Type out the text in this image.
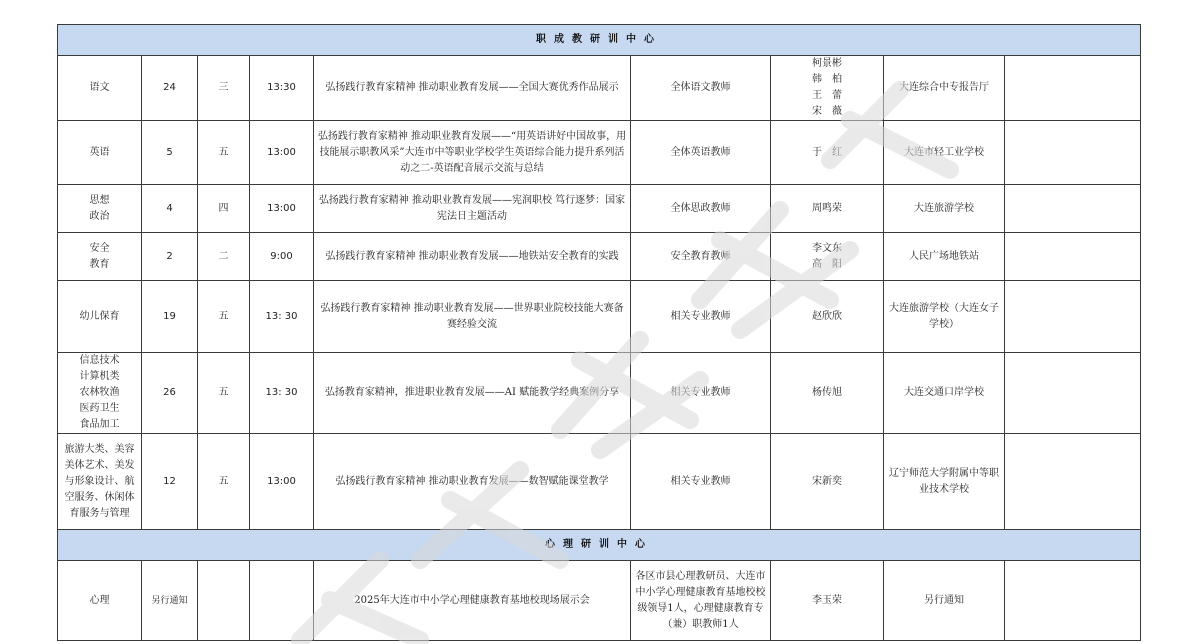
职成教研训中心								
语文	24	三	13:30	弘扬践行教育家精神 推动职业教育发展——全国大赛优秀作品展示	全体语文教师	柯景彬
韩　柏
王　蕾
宋　薇	大连综合中专报告厅	
英语	5	五	13:00	弘扬践行教育家精神 推动职业教育发展——“用英语讲好中国故事，用技能展示职教风采”大连市中等职业学校学生英语综合能力提升系列活动之二-英语配音展示交流与总结	全体英语教师	于　红	大连市轻工业学校	
思想
政治	4	四	13:00	弘扬践行教育家精神 推动职业教育发展——宪润职校 笃行逐梦：国家宪法日主题活动	全体思政教师	周鸣荣	大连旅游学校	
安全
教育	2	二	9:00	弘扬践行教育家精神 推动职业教育发展——地铁站安全教育的实践	安全教育教师	李文东
高　阳	人民广场地铁站	
幼儿保育	19	五	13: 30	弘扬践行教育家精神 推动职业教育发展——世界职业院校技能大赛备赛经验交流	相关专业教师	赵欣欣	大连旅游学校（大连女子学校）	
信息技术
计算机类
农林牧渔
医药卫生
食品加工	26	五	13: 30	弘扬教育家精神，推进职业教育发展——AI 赋能教学经典案例分享	相关专业教师	杨传旭	大连交通口岸学校	
旅游大类、美容美体艺术、美发与形象设计、航空服务、休闲体育服务与管理	12	五	13:00	弘扬践行教育家精神 推动职业教育发展——数智赋能课堂教学	相关专业教师	宋新奕	辽宁师范大学附属中等职业技术学校	
心理研训中心								
心理	另行通知			2025年大连市中小学心理健康教育基地校现场展示会	各区市县心理教研员、大连市中小学心理健康教育基地校校级领导1人，心理健康教育专（兼）职教师1人	李玉荣	另行通知	
